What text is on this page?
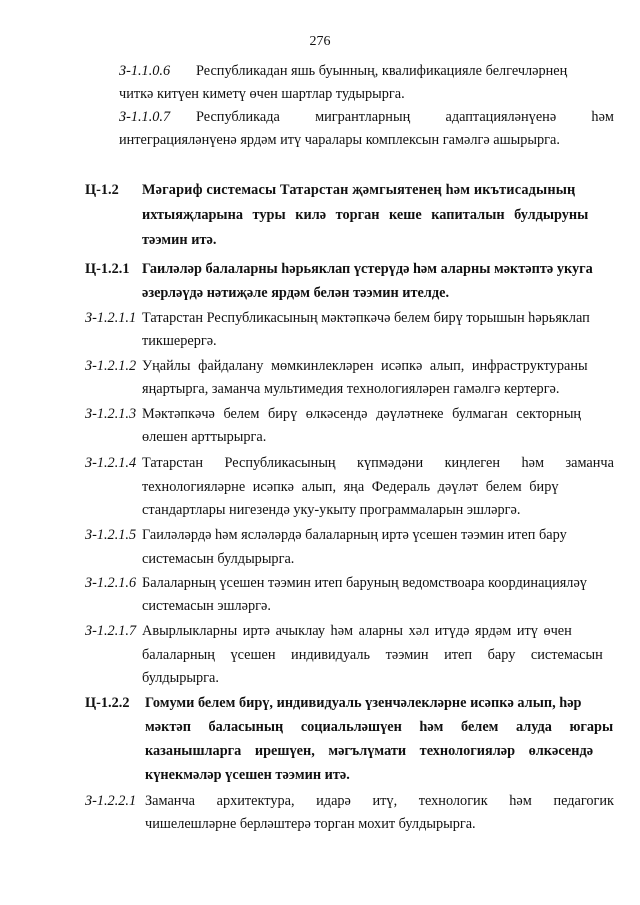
276
З-1.1.0.6 Республикадан яшь буынның, квалификацияле белгечләрнең
читкә китүен киметү өчен шартлар тудырырга.
З-1.1.0.7 Республикада мигрантларның адаптацияләнүенә һәм
интеграцияләнүенә ярдәм итү чаралары комплексын гамәлгә ашырырга.
Ц-1.2 Мәгариф системасы Татарстан җәмгыятенең һәм икътисадының
ихтыяҗларына туры килә торган кеше капиталын булдыруны
тәэмин итә.
Ц-1.2.1 Гаиләләр балаларны һәрьяклап үстерүдә һәм аларны мәктәптә укуга
әзерләүдә нәтиҗәле ярдәм белән тәэмин ителде.
З-1.2.1.1 Татарстан Республикасының мәктәпкәчә белем бирү торышын һәрьяклап
тикшерергә.
З-1.2.1.2 Уңайлы файдалану мөмкинлекләрен исәпкә алып, инфраструктураны
яңартырга, заманча мультимедия технологияләрен гамәлгә кертергә.
З-1.2.1.3 Мәктәпкәчә белем бирү өлкәсендә дәүләтнеке булмаган секторның
өлешен арттырырга.
З-1.2.1.4 Татарстан Республикасының күпмәдәни киңлеген һәм заманча
технологияләрне исәпкә алып, яңа Федераль дәүләт белем бирү
стандартлары нигезендә уку-укыту программаларын эшләргә.
З-1.2.1.5 Гаиләләрдә һәм ясләләрдә балаларның иртә үсешен тәэмин итеп бару
системасын булдырырга.
З-1.2.1.6 Балаларның үсешен тәэмин итеп баруның ведомствоара координацияләү
системасын эшләргә.
З-1.2.1.7 Авырлыкларны иртә ачыклау һәм аларны хәл итүдә ярдәм итү өчен
балаларның үсешен индивидуаль тәэмин итеп бару системасын
булдырырга.
Ц-1.2.2 Гомуми белем бирү, индивидуаль үзенчәлекләрне исәпкә алып, һәр
мәктәп баласының социальләшүен һәм белем алуда югары
казанышларга ирешүен, мәгълүмати технологияләр өлкәсендә
күнекмәләр үсешен тәэмин итә.
З-1.2.2.1 Заманча архитектура, идарә итү, технологик һәм педагогик
чишелешләрне берләштерә торган мохит булдырырга.
